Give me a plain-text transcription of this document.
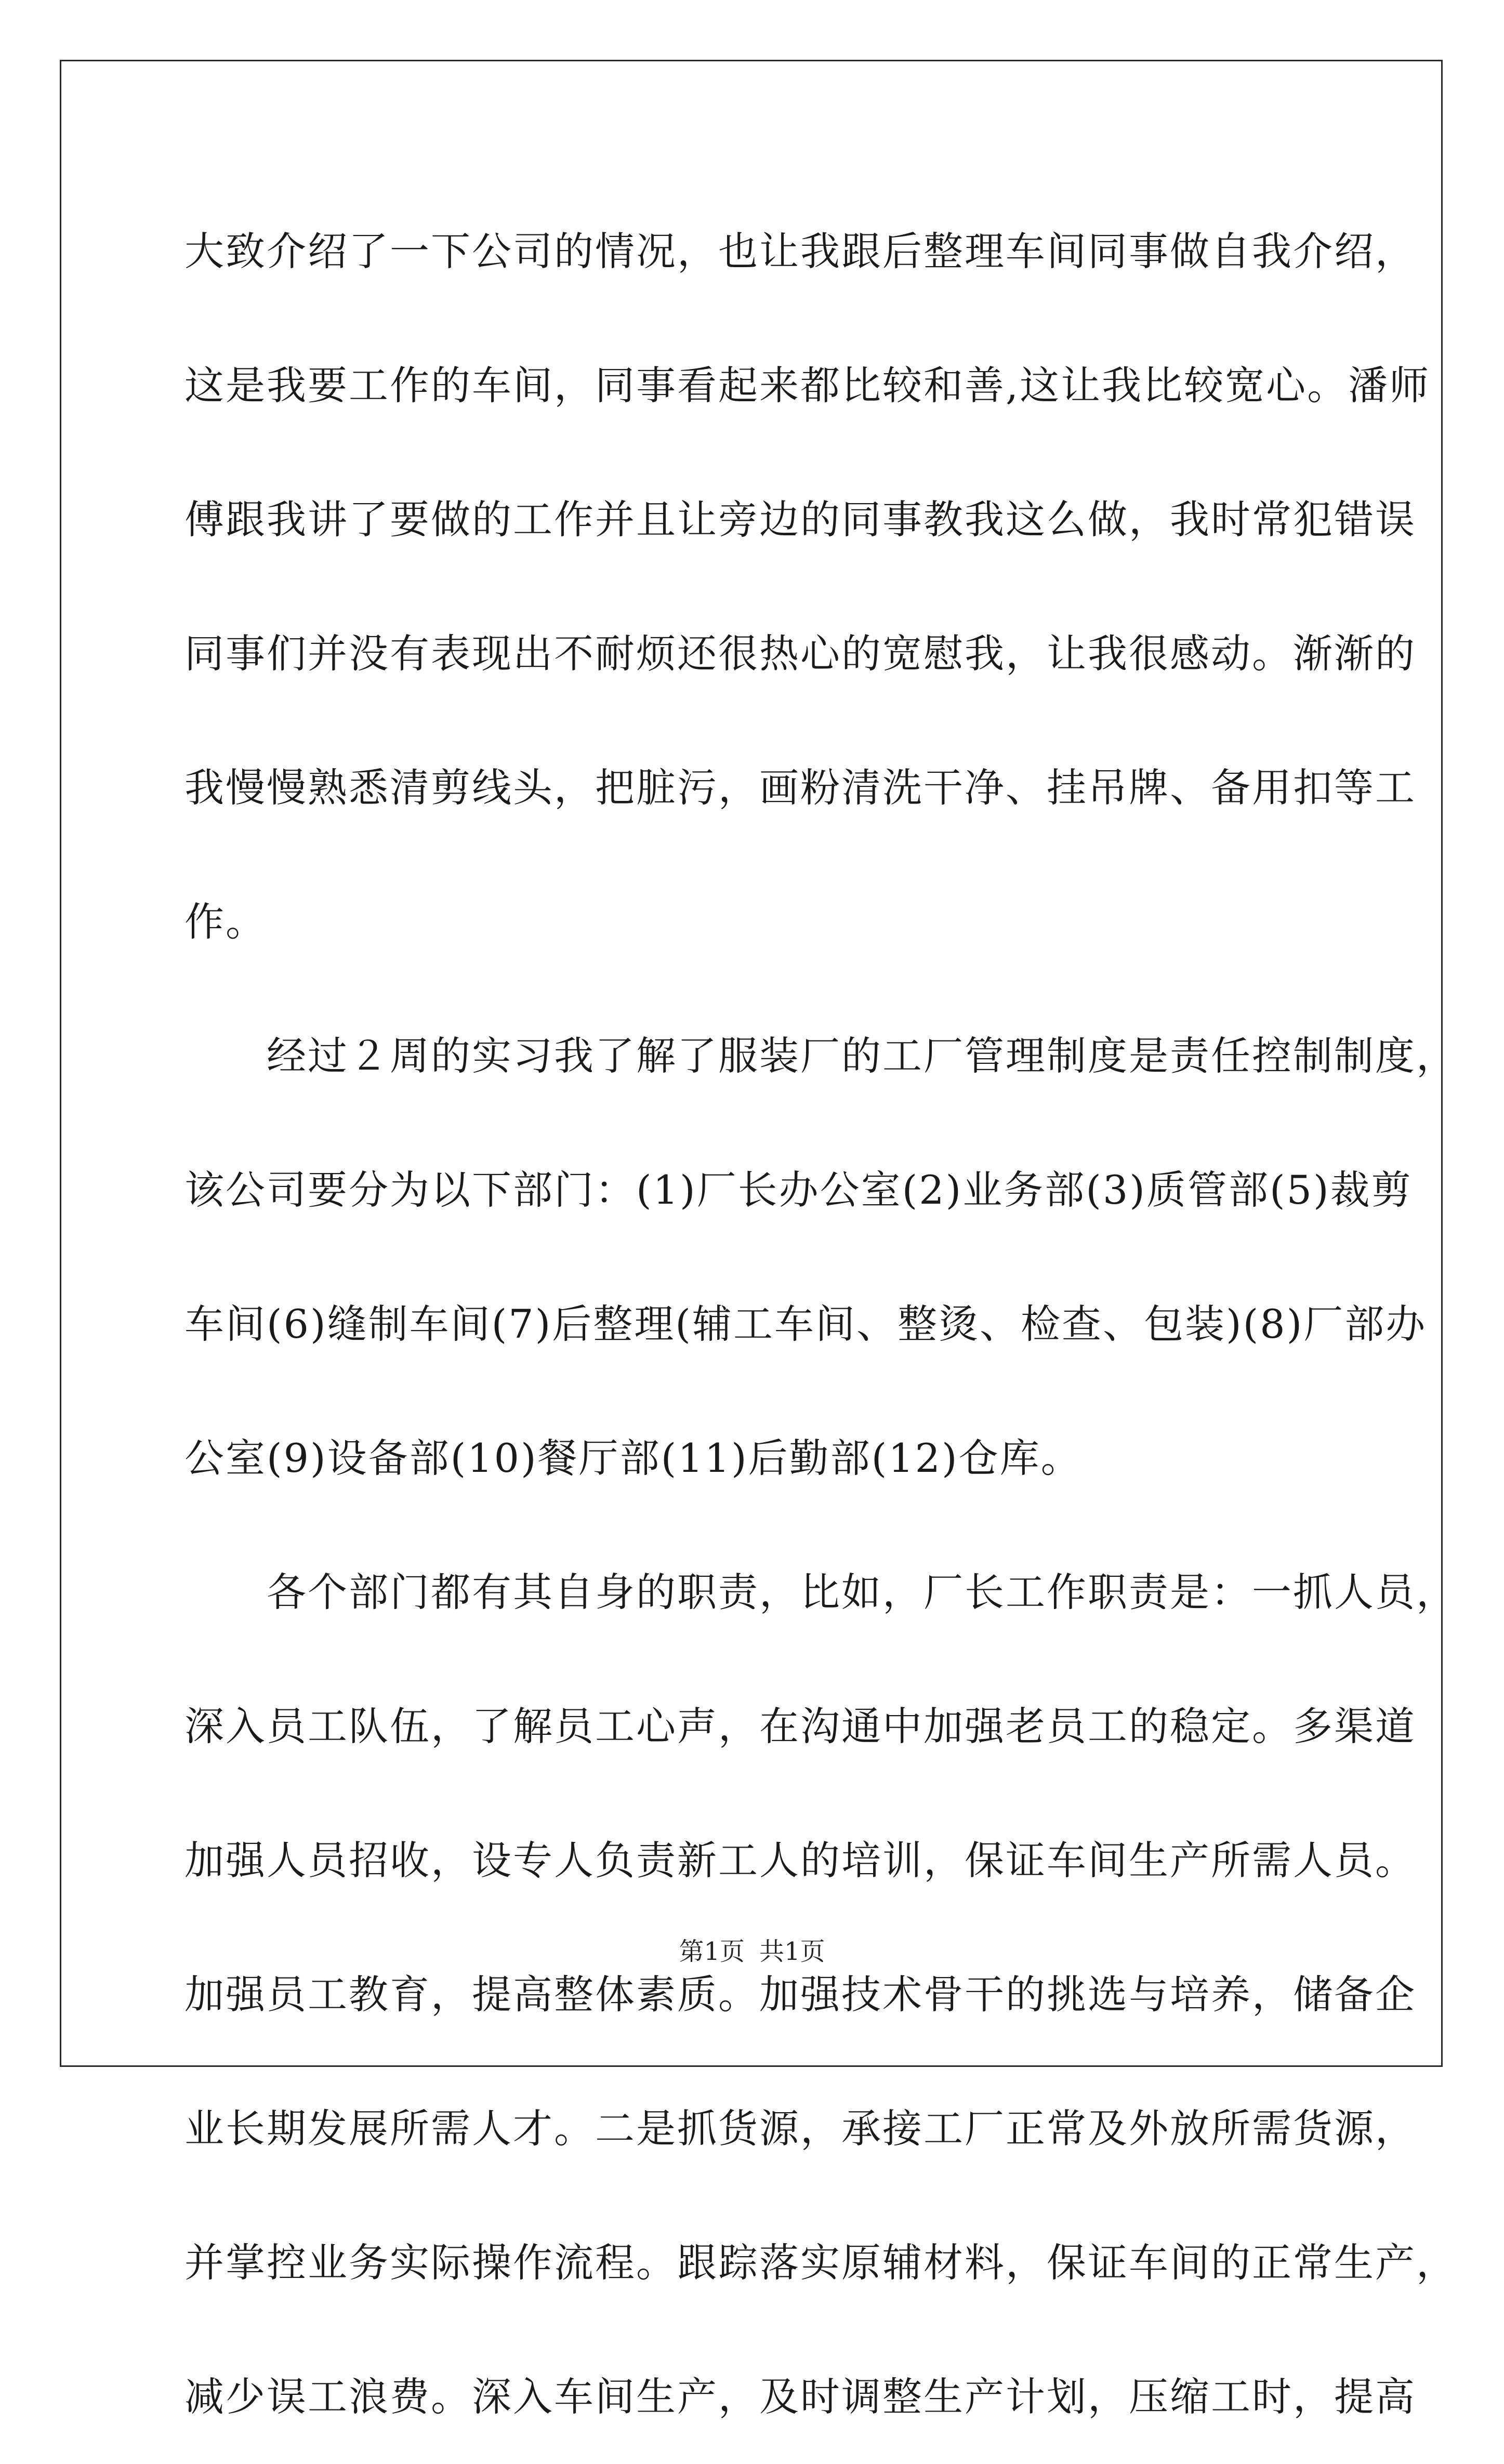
大致介绍了一下公司的情况，也让我跟后整理车间同事做自我介绍，
这是我要工作的车间，同事看起来都比较和善,这让我比较宽心。潘师
傅跟我讲了要做的工作并且让旁边的同事教我这么做，我时常犯错误
同事们并没有表现出不耐烦还很热心的宽慰我，让我很感动。渐渐的
我慢慢熟悉清剪线头，把脏污，画粉清洗干净、挂吊牌、备用扣等工
作。
　　经过２周的实习我了解了服装厂的工厂管理制度是责任控制制度，
该公司要分为以下部门：(1)厂长办公室(2)业务部(3)质管部(5)裁剪
车间(6)缝制车间(7)后整理(辅工车间、整烫、检查、包装)(8)厂部办
公室(9)设备部(10)餐厅部(11)后勤部(12)仓库。
　　各个部门都有其自身的职责，比如，厂长工作职责是：一抓人员，
深入员工队伍，了解员工心声，在沟通中加强老员工的稳定。多渠道
加强人员招收，设专人负责新工人的培训，保证车间生产所需人员。
加强员工教育，提高整体素质。加强技术骨干的挑选与培养，储备企
业长期发展所需人才。二是抓货源，承接工厂正常及外放所需货源，
并掌控业务实际操作流程。跟踪落实原辅材料，保证车间的正常生产，
减少误工浪费。深入车间生产，及时调整生产计划，压缩工时，提高
第1页 共1页
